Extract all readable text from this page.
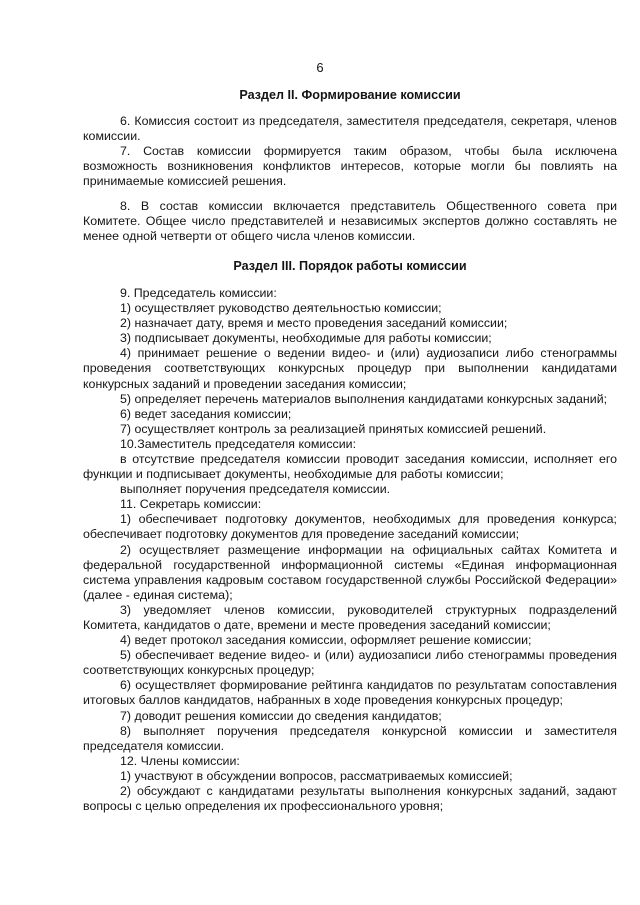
6
Раздел II. Формирование комиссии
6. Комиссия состоит из председателя, заместителя председателя, секретаря, членов комиссии.
7. Состав комиссии формируется таким образом, чтобы была исключена возможность возникновения конфликтов интересов, которые могли бы повлиять на принимаемые комиссией решения.
8. В состав комиссии включается представитель Общественного совета при Комитете. Общее число представителей и независимых экспертов должно составлять не менее одной четверти от общего числа членов комиссии.
Раздел III. Порядок работы комиссии
9. Председатель комиссии:
1) осуществляет руководство деятельностью комиссии;
2) назначает дату, время и место проведения заседаний комиссии;
3) подписывает документы, необходимые для работы комиссии;
4) принимает решение о ведении видео- и (или) аудиозаписи либо стенограммы проведения соответствующих конкурсных процедур при выполнении кандидатами конкурсных заданий и проведении заседания комиссии;
5) определяет перечень материалов выполнения кандидатами конкурсных заданий;
6) ведет заседания комиссии;
7) осуществляет контроль за реализацией принятых комиссией решений.
10.Заместитель председателя комиссии:
в отсутствие председателя комиссии проводит заседания комиссии, исполняет его функции и подписывает документы, необходимые для работы комиссии;
выполняет поручения председателя комиссии.
11. Секретарь комиссии:
1) обеспечивает подготовку документов, необходимых для проведения конкурса; обеспечивает подготовку документов для проведение заседаний комиссии;
2) осуществляет размещение информации на официальных сайтах Комитета и федеральной государственной информационной системы «Единая информационная система управления кадровым составом государственной службы Российской Федерации» (далее - единая система);
3) уведомляет членов комиссии, руководителей структурных подразделений Комитета, кандидатов о дате, времени и месте проведения заседаний комиссии;
4) ведет протокол заседания комиссии, оформляет решение комиссии;
5) обеспечивает ведение видео- и (или) аудиозаписи либо стенограммы проведения соответствующих конкурсных процедур;
6) осуществляет формирование рейтинга кандидатов по результатам сопоставления итоговых баллов кандидатов, набранных в ходе проведения конкурсных процедур;
7) доводит решения комиссии до сведения кандидатов;
8) выполняет поручения председателя конкурсной комиссии и заместителя председателя комиссии.
12. Члены комиссии:
1) участвуют в обсуждении вопросов, рассматриваемых комиссией;
2) обсуждают с кандидатами результаты выполнения конкурсных заданий, задают вопросы с целью определения их профессионального уровня;
